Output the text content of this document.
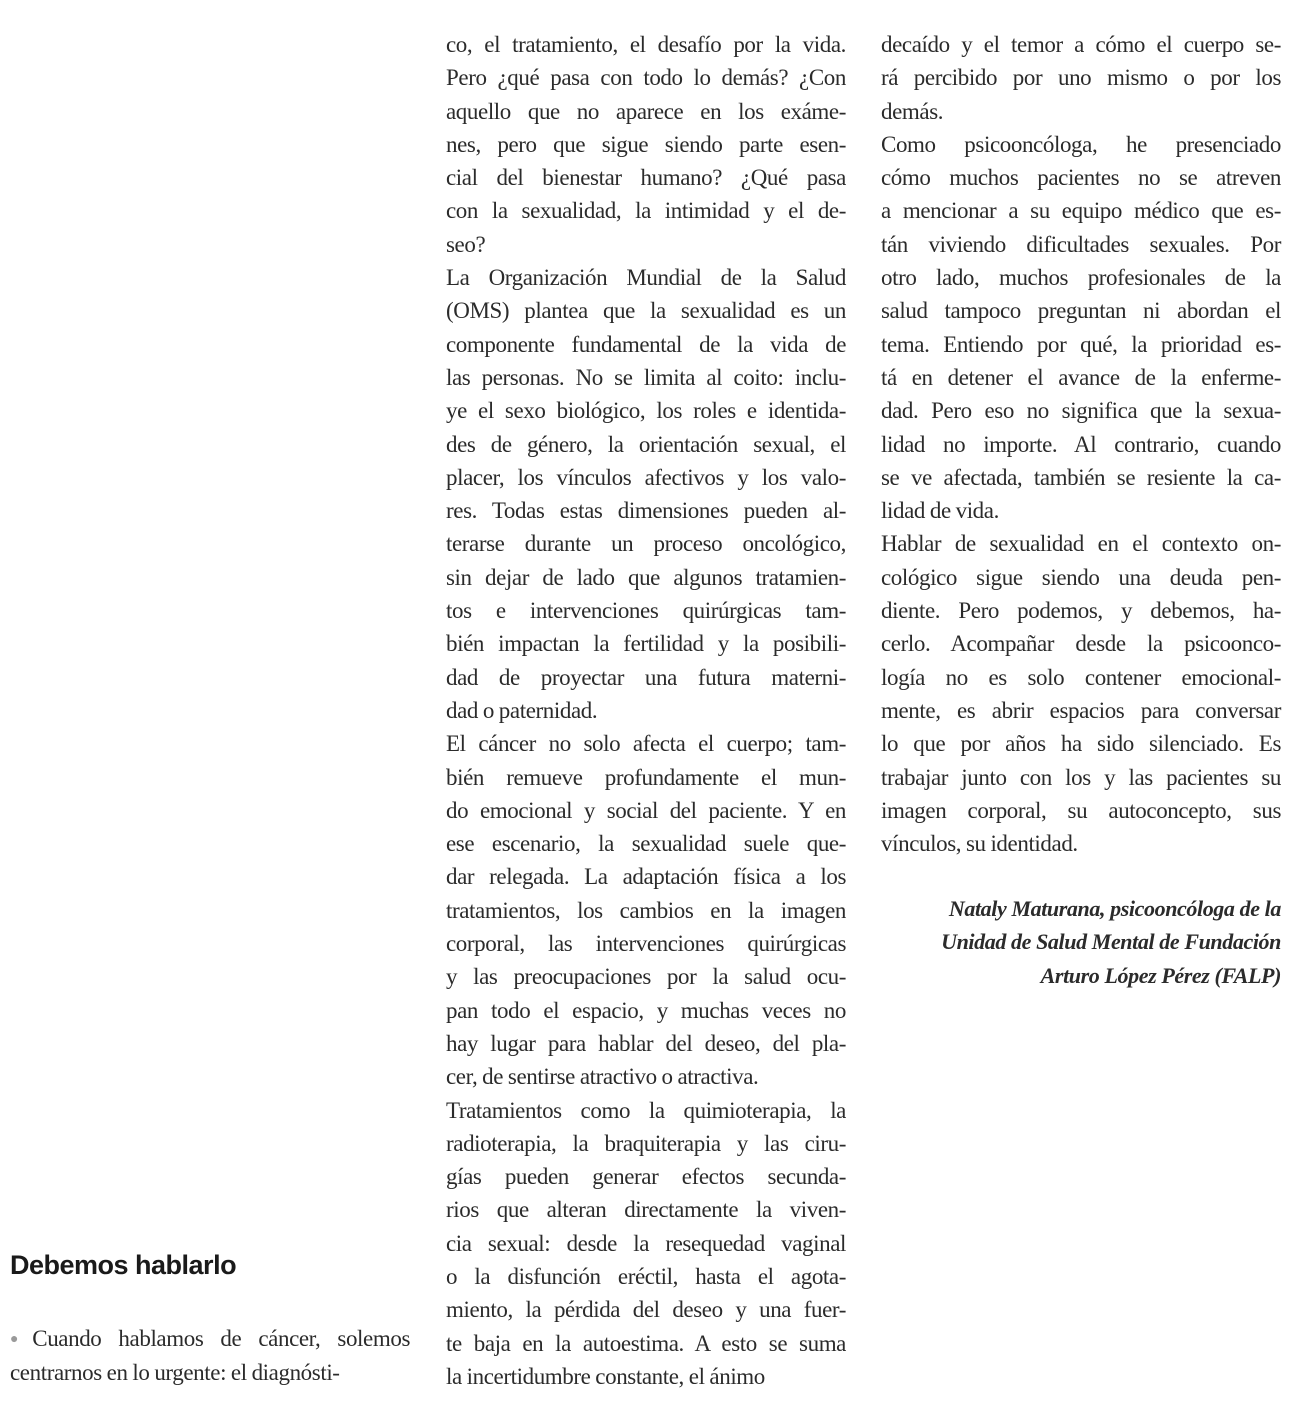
Debemos hablarlo
●Cuando hablamos de cáncer, solemos
centrarnos en lo urgente: el diagnósti-
co, el tratamiento, el desafío por la vida.
Pero ¿qué pasa con todo lo demás? ¿Con
aquello que no aparece en los exáme-
nes, pero que sigue siendo parte esen-
cial del bienestar humano? ¿Qué pasa
con la sexualidad, la intimidad y el de-
seo?
La Organización Mundial de la Salud
(OMS) plantea que la sexualidad es un
componente fundamental de la vida de
las personas. No se limita al coito: inclu-
ye el sexo biológico, los roles e identida-
des de género, la orientación sexual, el
placer, los vínculos afectivos y los valo-
res. Todas estas dimensiones pueden al-
terarse durante un proceso oncológico,
sin dejar de lado que algunos tratamien-
tos e intervenciones quirúrgicas tam-
bién impactan la fertilidad y la posibili-
dad de proyectar una futura materni-
dad o paternidad.
El cáncer no solo afecta el cuerpo; tam-
bién remueve profundamente el mun-
do emocional y social del paciente. Y en
ese escenario, la sexualidad suele que-
dar relegada. La adaptación física a los
tratamientos, los cambios en la imagen
corporal, las intervenciones quirúrgicas
y las preocupaciones por la salud ocu-
pan todo el espacio, y muchas veces no
hay lugar para hablar del deseo, del pla-
cer, de sentirse atractivo o atractiva.
Tratamientos como la quimioterapia, la
radioterapia, la braquiterapia y las ciru-
gías pueden generar efectos secunda-
rios que alteran directamente la viven-
cia sexual: desde la resequedad vaginal
o la disfunción eréctil, hasta el agota-
miento, la pérdida del deseo y una fuer-
te baja en la autoestima. A esto se suma
la incertidumbre constante, el ánimo
decaído y el temor a cómo el cuerpo se-
rá percibido por uno mismo o por los
demás.
Como psicooncóloga, he presenciado
cómo muchos pacientes no se atreven
a mencionar a su equipo médico que es-
tán viviendo dificultades sexuales. Por
otro lado, muchos profesionales de la
salud tampoco preguntan ni abordan el
tema. Entiendo por qué, la prioridad es-
tá en detener el avance de la enferme-
dad. Pero eso no significa que la sexua-
lidad no importe. Al contrario, cuando
se ve afectada, también se resiente la ca-
lidad de vida.
Hablar de sexualidad en el contexto on-
cológico sigue siendo una deuda pen-
diente. Pero podemos, y debemos, ha-
cerlo. Acompañar desde la psicoonco-
logía no es solo contener emocional-
mente, es abrir espacios para conversar
lo que por años ha sido silenciado. Es
trabajar junto con los y las pacientes su
imagen corporal, su autoconcepto, sus
vínculos, su identidad.
Nataly Maturana, psicooncóloga de la
Unidad de Salud Mental de Fundación
Arturo López Pérez (FALP)
